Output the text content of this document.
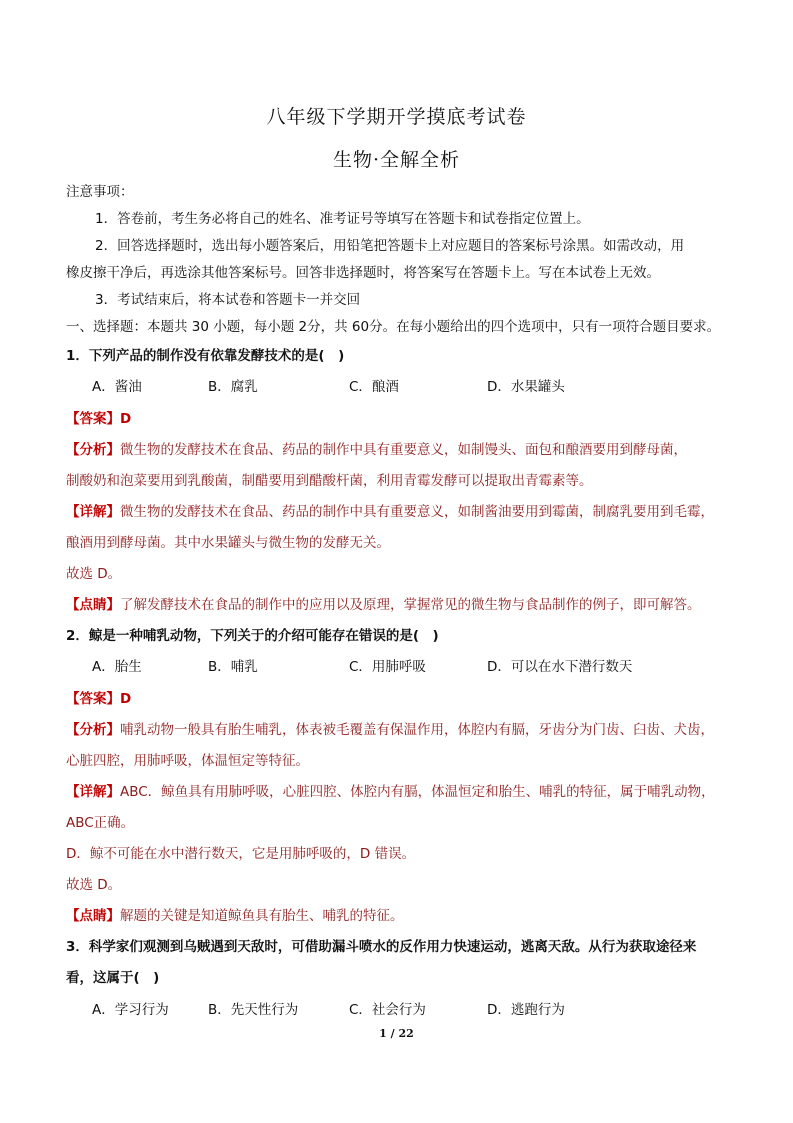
八年级下学期开学摸底考试卷
生物·全解全析
注意事项：
1．答卷前，考生务必将自己的姓名、准考证号等填写在答题卡和试卷指定位置上。
2．回答选择题时，选出每小题答案后，用铅笔把答题卡上对应题目的答案标号涂黑。如需改动，用
橡皮擦干净后，再选涂其他答案标号。回答非选择题时，将答案写在答题卡上。写在本试卷上无效。
3．考试结束后，将本试卷和答题卡一并交回
一、选择题：本题共 30 小题，每小题 2分，共 60分。在每小题给出的四个选项中，只有一项符合题目要求。
1．下列产品的制作没有依靠发酵技术的是(　)
A．酱油	B．腐乳	C．酿酒	D．水果罐头
【答案】D
【分析】微生物的发酵技术在食品、药品的制作中具有重要意义，如制馒头、面包和酿酒要用到酵母菌，
制酸奶和泡菜要用到乳酸菌，制醋要用到醋酸杆菌，利用青霉发酵可以提取出青霉素等。
【详解】微生物的发酵技术在食品、药品的制作中具有重要意义，如制酱油要用到霉菌，制腐乳要用到毛霉，
酿酒用到酵母菌。其中水果罐头与微生物的发酵无关。
故选 D。
【点睛】了解发酵技术在食品的制作中的应用以及原理，掌握常见的微生物与食品制作的例子，即可解答。
2．鲸是一种哺乳动物，下列关于的介绍可能存在错误的是(　)
A．胎生	B．哺乳	C．用肺呼吸	D．可以在水下潜行数天
【答案】D
【分析】哺乳动物一般具有胎生哺乳，体表被毛覆盖有保温作用，体腔内有膈，牙齿分为门齿、臼齿、犬齿，
心脏四腔，用肺呼吸，体温恒定等特征。
【详解】ABC．鲸鱼具有用肺呼吸，心脏四腔、体腔内有膈，体温恒定和胎生、哺乳的特征，属于哺乳动物，
ABC正确。
D．鲸不可能在水中潜行数天，它是用肺呼吸的，D 错误。
故选 D。
【点睛】解题的关键是知道鲸鱼具有胎生、哺乳的特征。
3．科学家们观测到乌贼遇到天敌时，可借助漏斗喷水的反作用力快速运动，逃离天敌。从行为获取途径来
看，这属于(　)
A．学习行为	B．先天性行为	C．社会行为	D．逃跑行为
1 / 22
